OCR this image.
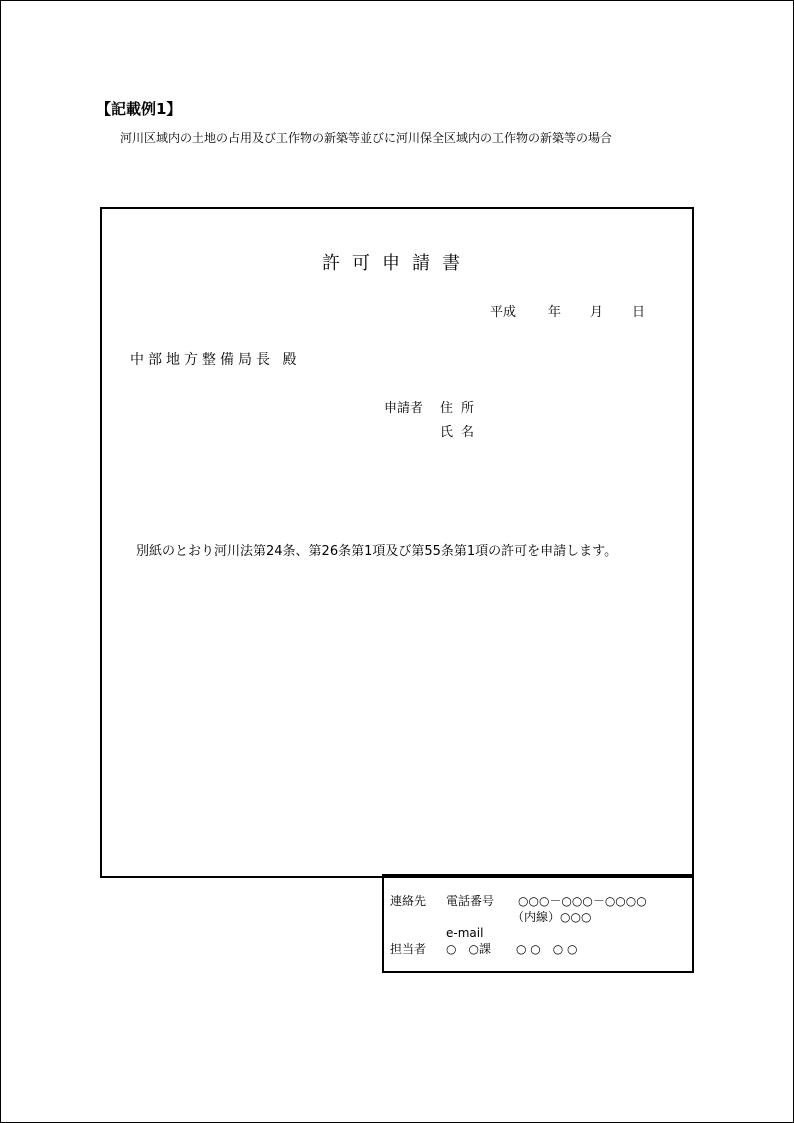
【記載例1】
河川区域内の土地の占用及び工作物の新築等並びに河川保全区域内の工作物の新築等の場合
許可申請書
平成 年 月 日
中部地方整備局長 殿
申請者 住所
氏名
別紙のとおり河川法第24条、第26条第1項及び第55条第1項の許可を申請します。
連絡先 電話番号 ○○○－○○○－○○○○
（内線）○○○
e-mail
担当者 ○　○課 ○ ○　○ ○
